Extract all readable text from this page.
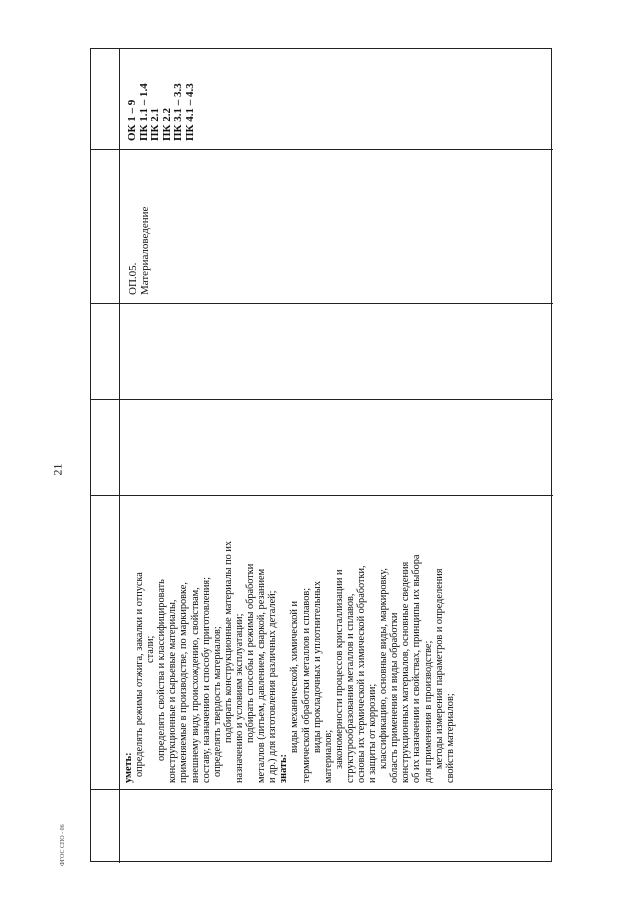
21
ФГОС СПО - 06
ОК 1 – 9 ПК 1.1 – 1.4 ПК 2.1 ПК 2.2 ПК 3.1 – 3.3 ПК 4.1 – 4.3
ОП.05. Материаловедение
уметь: определять режимы отжига, закалки и отпуска стали; определять свойства и классифицировать конструкционные и сырьевые материалы, применяемые в производстве, по маркировке, внешнему виду, происхождению, свойствам, составу, назначению и способу приготовления; определять твердость материалов; подбирать конструкционные материалы по их назначению и условиям эксплуатации; подбирать способы и режимы обработки металлов (литьем, давлением, сваркой, резанием и др.) для изготовления различных деталей; знать:
виды механической, химической и термической обработки металлов и сплавов; виды прокладочных и уплотнительных
материалов; закономерности процессов кристаллизации и структурообразования металлов и сплавов, основы их термической и химической обработки, и защиты от коррозии; классификацию, основные виды, маркировку, область применения и виды обработки конструкционных материалов, основные сведения об их назначении и свойствах, принципы их выбора для применения в производстве; методы измерения параметров и определения свойств материалов;
